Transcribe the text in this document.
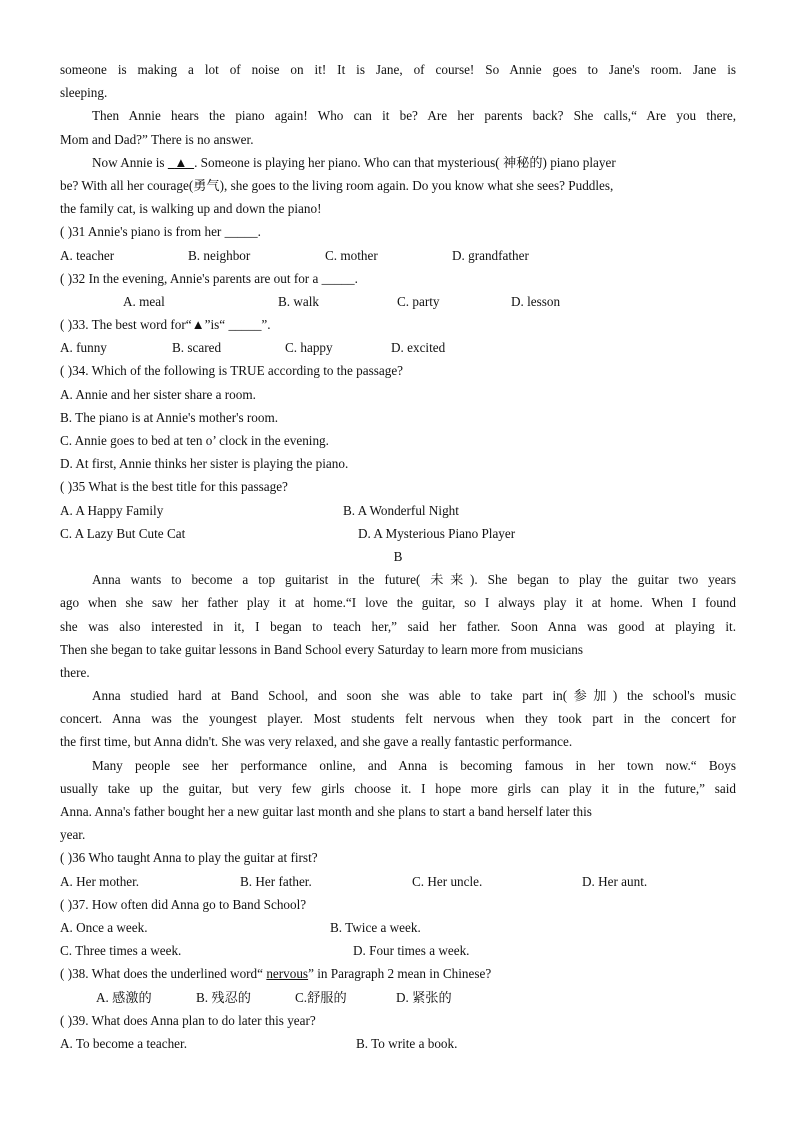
someone is making a lot of noise on it! It is Jane, of course! So Annie goes to Jane's room. Jane is
sleeping.
Then Annie hears the piano again! Who can it be? Are her parents back? She calls,“ Are you there,
Mom and Dad?” There is no answer.
Now Annie is   ▲ . Someone is playing her piano. Who can that mysterious( 神秘的) piano player
be? With all her courage(勇气), she goes to the living room again. Do you know what she sees? Puddles,
the family cat, is walking up and down the piano!
( )31 Annie's piano is from her _____.
A. teacher	B. neighbor	C. mother	D. grandfather
( )32 In the evening, Annie's parents are out for a _____.
A. meal	B. walk	C. party	D. lesson
( )33. The best word for“▲”is“ _____”.
A. funny	B. scared	C. happy	D. excited
( )34. Which of the following is TRUE according to the passage?
A. Annie and her sister share a room.
B. The piano is at Annie's mother's room.
C. Annie goes to bed at ten o’ clock in the evening.
D. At first, Annie thinks her sister is playing the piano.
( )35 What is the best title for this passage?
A. A Happy Family	B. A Wonderful Night
C. A Lazy But Cute Cat	D. A Mysterious Piano Player
B
Anna wants to become a top guitarist in the future( 未来). She began to play the guitar two years
ago when she saw her father play it at home.“I love the guitar, so I always play it at home. When I found
she was also interested in it, I began to teach her,” said her father. Soon Anna was good at playing it.
Then she began to take guitar lessons in Band School every Saturday to learn more from musicians
there.
Anna studied hard at Band School, and soon she was able to take part in(参加) the school's music
concert. Anna was the youngest player. Most students felt nervous when they took part in the concert for
the first time, but Anna didn't. She was very relaxed, and she gave a really fantastic performance.
Many people see her performance online, and Anna is becoming famous in her town now.“ Boys
usually take up the guitar, but very few girls choose it. I hope more girls can play it in the future,” said
Anna. Anna's father bought her a new guitar last month and she plans to start a band herself later this
year.
( )36 Who taught Anna to play the guitar at first?
A. Her mother.	B. Her father.	C. Her uncle.	D. Her aunt.
( )37. How often did Anna go to Band School?
A. Once a week.	B. Twice a week.
C. Three times a week.	D. Four times a week.
( )38. What does the underlined word“ nervous” in Paragraph 2 mean in Chinese?
A. 感激的	B. 残忍的	C.舒服的	D. 紧张的
( )39. What does Anna plan to do later this year?
A. To become a teacher.	B. To write a book.
